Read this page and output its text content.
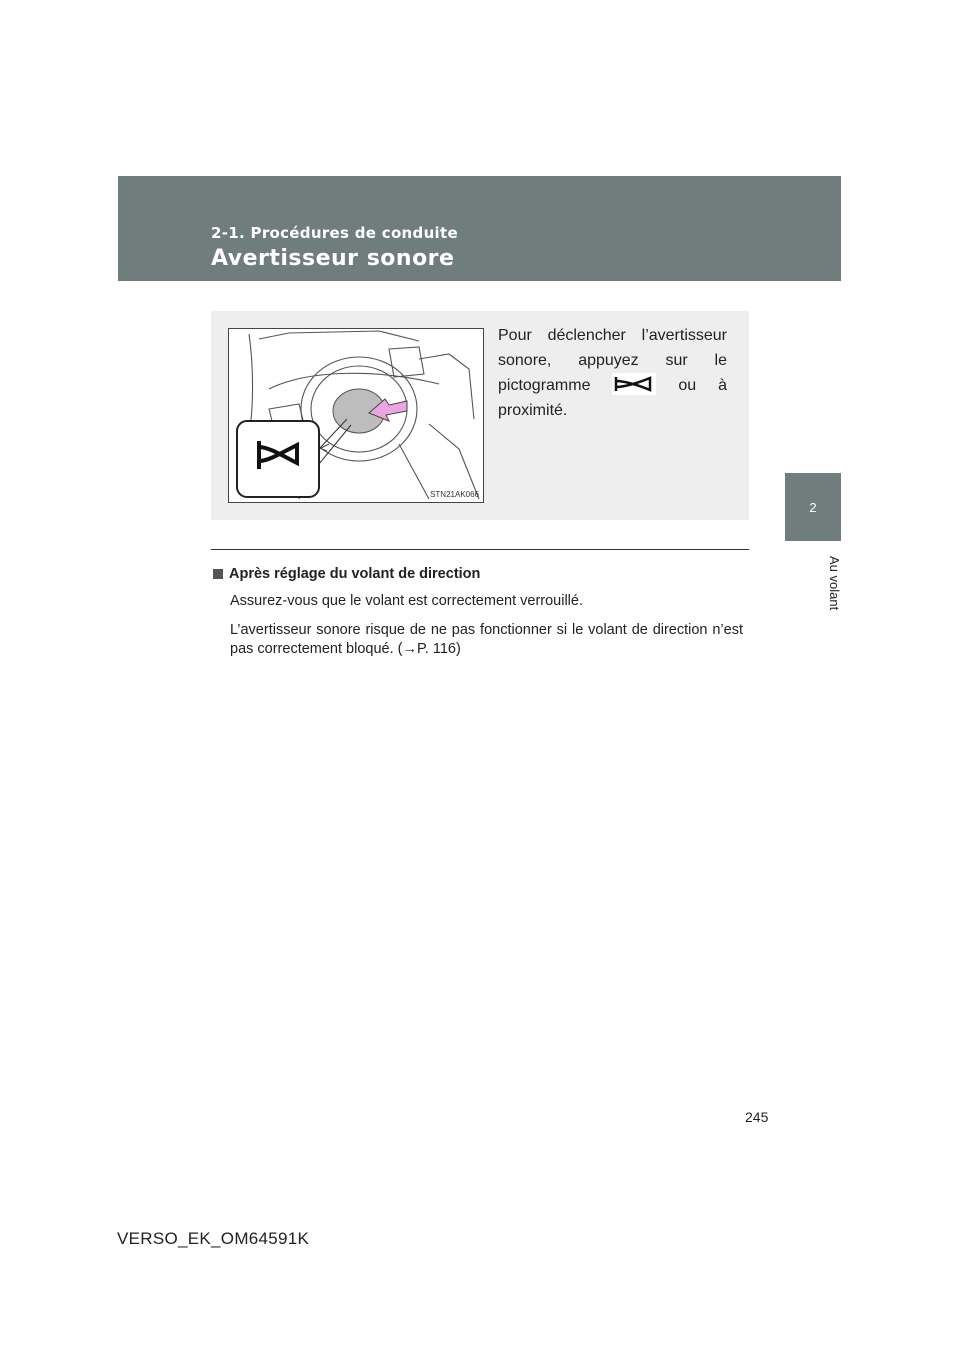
2-1. Procédures de conduite

Avertisseur sonore
2
Au volant
STN21AK066
Pour déclencher l’avertisseur
sonore, appuyez sur le
pictogramme	ou à
proximité.

Après réglage du volant de direction

Assurez-vous que le volant est correctement verrouillé.

L’avertisseur sonore risque de ne pas fonctionner si le volant de direction n’est pas correctement bloqué. (→P. 116)

245
VERSO_EK_OM64591K
